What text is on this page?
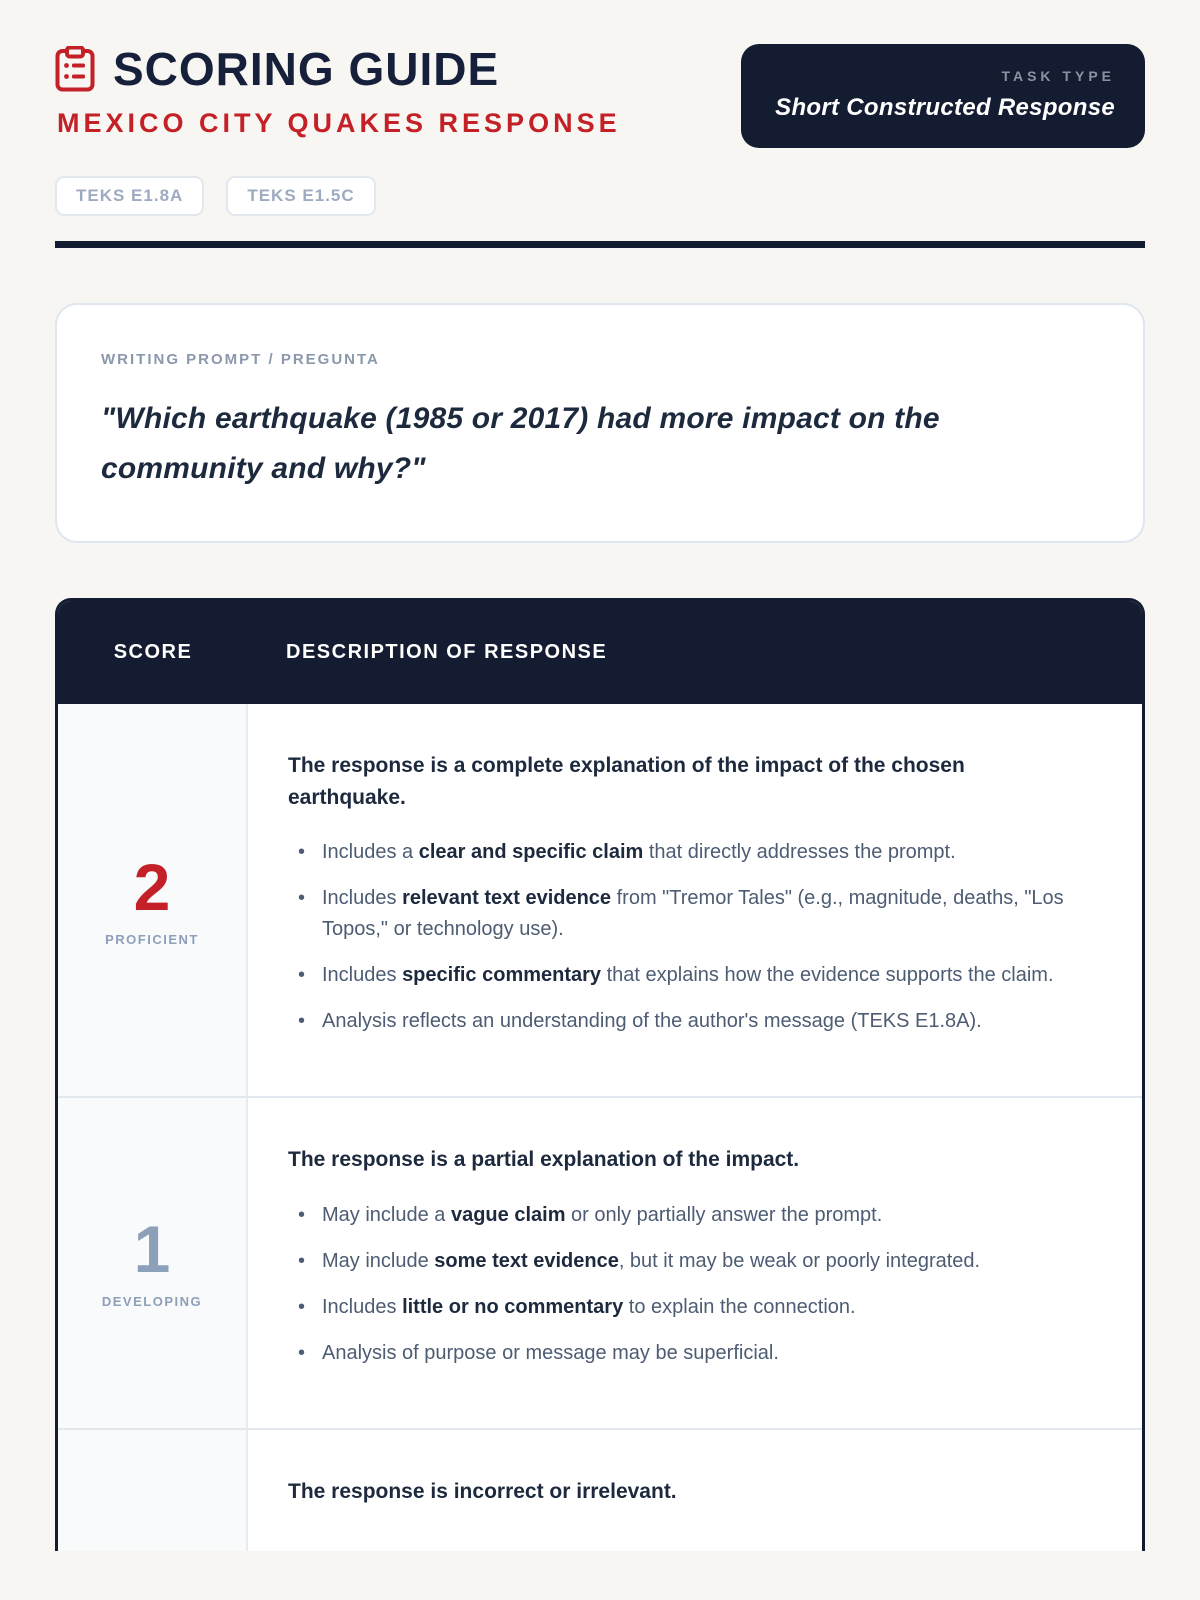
SCORING GUIDE
MEXICO CITY QUAKES RESPONSE
TASK TYPE
Short Constructed Response
TEKS E1.8A	TEKS E1.5C
WRITING PROMPT / PREGUNTA
"Which earthquake (1985 or 2017) had more impact on the community and why?"
SCORE	DESCRIPTION OF RESPONSE
2
PROFICIENT
The response is a complete explanation of the impact of the chosen earthquake.
• Includes a clear and specific claim that directly addresses the prompt.
• Includes relevant text evidence from "Tremor Tales" (e.g., magnitude, deaths, "Los Topos," or technology use).
• Includes specific commentary that explains how the evidence supports the claim.
• Analysis reflects an understanding of the author's message (TEKS E1.8A).
1
DEVELOPING
The response is a partial explanation of the impact.
• May include a vague claim or only partially answer the prompt.
• May include some text evidence, but it may be weak or poorly integrated.
• Includes little or no commentary to explain the connection.
• Analysis of purpose or message may be superficial.
The response is incorrect or irrelevant.
